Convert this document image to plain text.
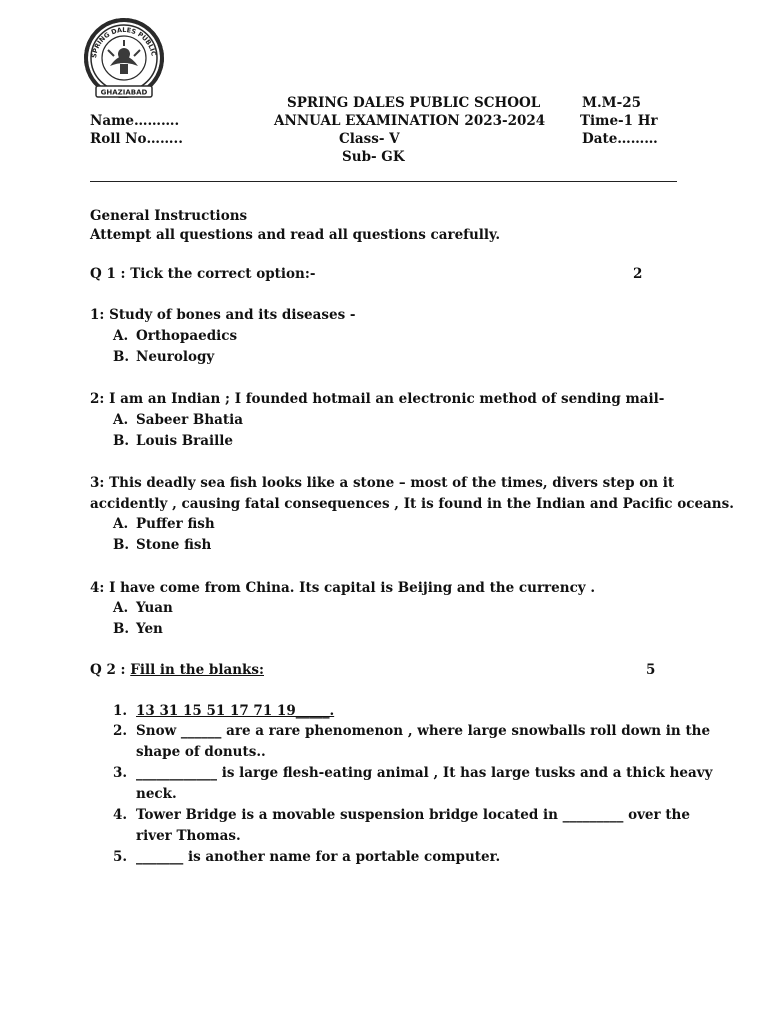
SPRING DALES PUBLIC
GHAZIABAD
SPRING DALES PUBLIC SCHOOL	M.M-25
Name……….	ANNUAL EXAMINATION 2023-2024	Time-1 Hr
Roll No……..	Class- V	Date………
Sub- GK
General Instructions
Attempt all questions and read all questions carefully.
Q 1 : Tick the correct option:-	2
1: Study of bones and its diseases -
A. Orthopaedics
B. Neurology
2: I am an Indian ; I founded hotmail an electronic method of sending mail-
A. Sabeer Bhatia
B. Louis Braille
3: This deadly sea fish looks like a stone – most of the times, divers step on it
accidently , causing fatal consequences , It is found in the Indian and Pacific oceans.
A. Puffer fish
B. Stone fish
4: I have come from China. Its capital is Beijing and the currency .
A. Yuan
B. Yen
Q 2 : Fill in the blanks:	5
1. 13 31 15 51 17 71 19_____.
2. Snow ______ are a rare phenomenon , where large snowballs roll down in the
shape of donuts..
3. ____________ is large flesh-eating animal , It has large tusks and a thick heavy
neck.
4. Tower Bridge is a movable suspension bridge located in _________ over the
river Thomas.
5. _______ is another name for a portable computer.
